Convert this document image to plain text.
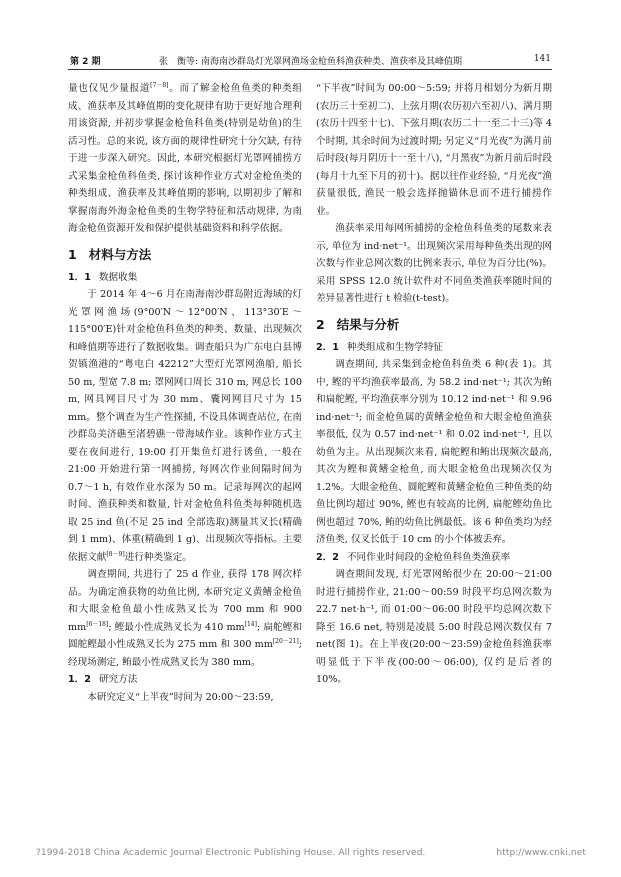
第 2 期	张　衡等: 南海南沙群岛灯光罩网渔场金枪鱼科渔获种类、渔获率及其峰值期	141

量也仅见少量报道[7－8]。而了解金枪鱼鱼类的种类组成、渔获率及其峰值期的变化规律有助于更好地合理利用该资源, 并初步掌握金枪鱼科鱼类(特别是幼鱼)的生活习性。总的来说, 该方面的规律性研究十分欠缺, 有待于进一步深入研究。因此, 本研究根据灯光罩网捕捞方式采集金枪鱼科鱼类, 探讨该种作业方式对金枪鱼类的种类组成、渔获率及其峰值期的影响, 以期初步了解和掌握南海外海金枪鱼类的生物学特征和活动规律, 为南海金枪鱼资源开发和保护提供基础资料和科学依据。

1 材料与方法
1．1 数据收集

于 2014 年 4～6 月在南海南沙群岛附近海域的灯光罩网渔场(9°00′N～12°00′N、113°30′E～115°00′E)针对金枪鱼科鱼类的种类、数量、出现频次和峰值期等进行了数据收集。调查船只为广东电白县博贺镇渔港的“粤电白 42212”大型灯光罩网渔船, 船长 50 m, 型宽 7.8 m; 罩网网口周长 310 m, 网总长 100 m, 网具网目尺寸为 30 mm、囊网网目尺寸为 15 mm。整个调查为生产性探捕, 不设具体调查站位, 在南沙群岛美济礁至渚碧礁一带海域作业。该种作业方式主要在夜间进行, 19:00 打开集鱼灯进行诱鱼, 一般在 21:00 开始进行第一网捕捞, 每网次作业间隔时间为 0.7～1 h, 有效作业水深为 50 m。记录每网次的起网时间、渔获种类和数量, 针对金枪鱼科鱼类每种随机选取 25 ind 鱼(不足 25 ind 全部选取)测量其叉长(精确到 1 mm)、体重(精确到 1 g)、出现频次等指标。主要依据文献[8－9]进行种类鉴定。

调查期间, 共进行了 25 d 作业, 获得 178 网次样品。为确定渔获物的幼鱼比例, 本研究定义黄鳍金枪鱼和大眼金枪鱼最小性成熟叉长为 700 mm 和 900 mm[6－18]; 鲣最小性成熟叉长为 410 mm[14]; 扁舵鲣和圆舵鲣最小性成熟叉长为 275 mm 和 300 mm[20－21]; 经现场测定, 鲔最小性成熟叉长为 380 mm。

1．2 研究方法

本研究定义“上半夜”时间为 20:00～23:59,

“下半夜”时间为 00:00～5:59; 并将月相划分为新月期(农历三十至初二)、上弦月期(农历初六至初八)、满月期(农历十四至十七)、下弦月期(农历二十一至二十三)等 4 个时期, 其余时间为过渡时期; 另定义“月光夜”为满月前后时段(每月阴历十一至十八), “月黑夜”为新月前后时段(每月十九至下月的初十)。据以往作业经验, “月光夜”渔获量很低, 渔民一般会选择抛锚休息而不进行捕捞作业。

渔获率采用每网所捕捞的金枪鱼科鱼类的尾数来表示, 单位为 ind·net⁻¹。出现频次采用每种鱼类出现的网次数与作业总网次数的比例来表示, 单位为百分比(%)。采用 SPSS 12.0 统计软件对不同鱼类渔获率随时间的差异显著性进行 t 检验(t-test)。

2 结果与分析
2．1 种类组成和生物学特征

调查期间, 共采集到金枪鱼科鱼类 6 种(表 1)。其中, 鲣的平均渔获率最高, 为 58.2 ind·net⁻¹; 其次为鲔和扁舵鲣, 平均渔获率分别为 10.12 ind·net⁻¹ 和 9.96 ind·net⁻¹; 而金枪鱼属的黄鳍金枪鱼和大眼金枪鱼渔获率很低, 仅为 0.57 ind·net⁻¹ 和 0.02 ind·net⁻¹, 且以幼鱼为主。从出现频次来看, 扁舵鲣和鲔出现频次最高, 其次为鲣和黄鳍金枪鱼, 而大眼金枪鱼出现频次仅为 1.2%。大眼金枪鱼、圆舵鲣和黄鳍金枪鱼三种鱼类的幼鱼比例均超过 90%, 鲣也有较高的比例, 扁舵鲣幼鱼比例也超过 70%, 鲔的幼鱼比例最低。该 6 种鱼类均为经济鱼类, 仅叉长低于 10 cm 的小个体被丢弃。

2．2 不同作业时间段的金枪鱼科鱼类渔获率

调查期间发现, 灯光罩网鲐很少在 20:00～21:00 时进行捕捞作业, 21:00～00:59 时段平均总网次数为 22.7 net·h⁻¹, 而 01:00～06:00 时段平均总网次数下降至 16.6 net, 特别是凌晨 5:00 时段总网次数仅有 7 net(图 1)。在上半夜(20:00～23:59)金枪鱼科渔获率明显低于下半夜(00:00～06:00), 仅约是后者的 10%。

?1994-2018 China Academic Journal Electronic Publishing House. All rights reserved.	http://www.cnki.net
